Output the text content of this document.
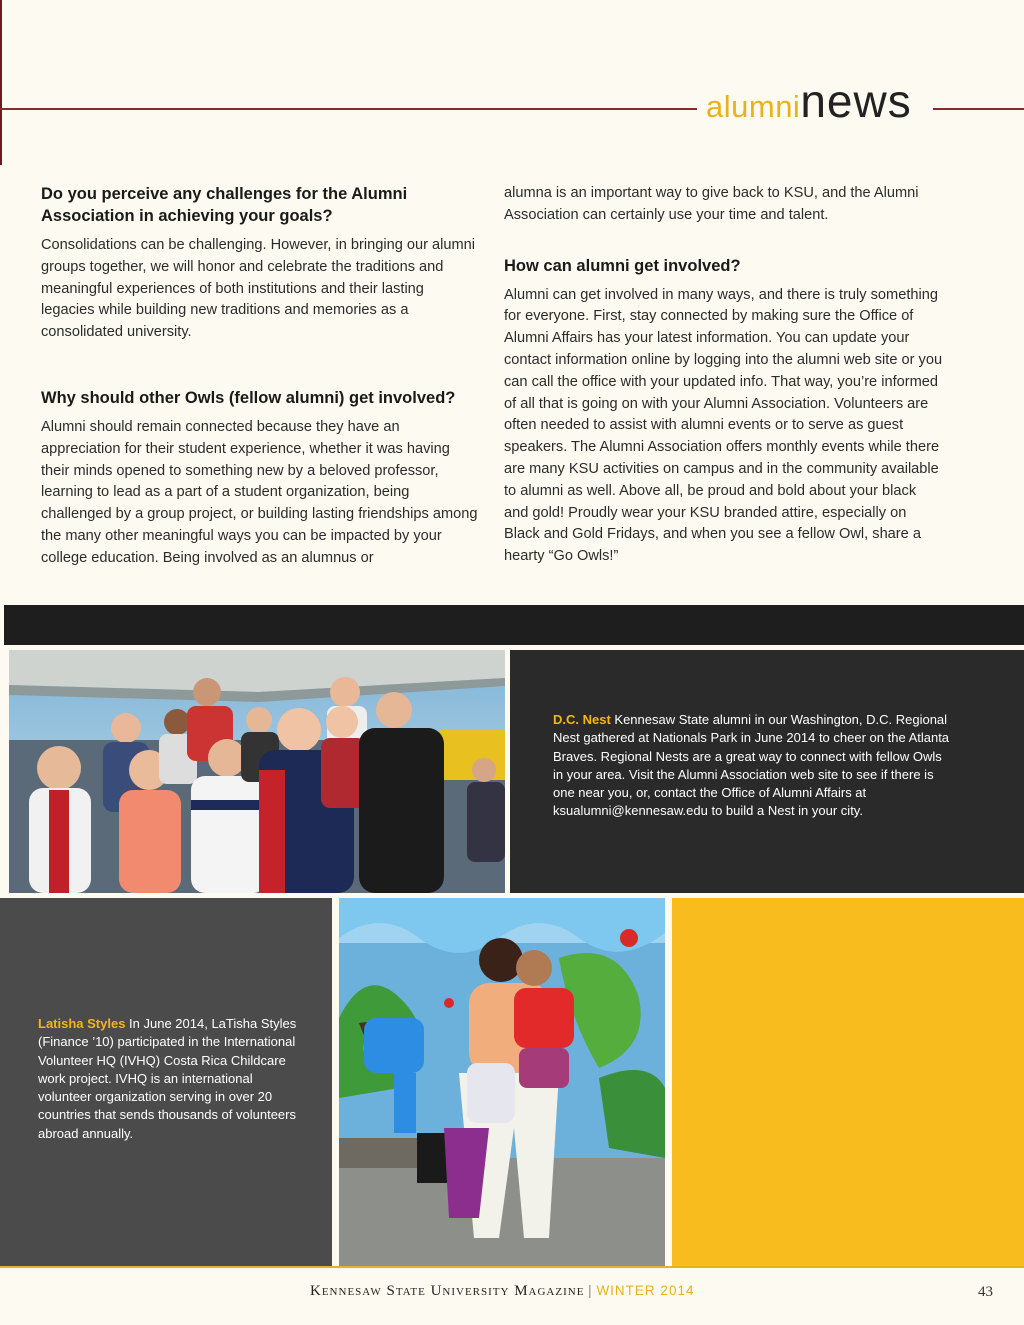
alumninews
Do you perceive any challenges for the Alumni Association in achieving your goals?

Consolidations can be challenging. However, in bringing our alumni groups together, we will honor and celebrate the traditions and meaningful experiences of both institutions and their lasting legacies while building new traditions and memories as a consolidated university.

Why should other Owls (fellow alumni) get involved?

Alumni should remain connected because they have an appreciation for their student experience, whether it was having their minds opened to something new by a beloved professor, learning to lead as a part of a student organization, being challenged by a group project, or building lasting friendships among the many other meaningful ways you can be impacted by your college education. Being involved as an alumnus or

alumna is an important way to give back to KSU, and the Alumni Association can certainly use your time and talent.

How can alumni get involved?

Alumni can get involved in many ways, and there is truly something for everyone. First, stay connected by making sure the Office of Alumni Affairs has your latest information. You can update your contact information online by logging into the alumni web site or you can call the office with your updated info. That way, you’re informed of all that is going on with your Alumni Association. Volunteers are often needed to assist with alumni events or to serve as guest speakers. The Alumni Association offers monthly events while there are many KSU activities on campus and in the community available to alumni as well. Above all, be proud and bold about your black and gold! Proudly wear your KSU branded attire, especially on Black and Gold Fridays, and when you see a fellow Owl, share a hearty “Go Owls!”

D.C. Nest Kennesaw State alumni in our Washington, D.C. Regional Nest gathered at Nationals Park in June 2014 to cheer on the Atlanta Braves. Regional Nests are a great way to connect with fellow Owls in your area. Visit the Alumni Association web site to see if there is one near you, or, contact the Office of Alumni Affairs at ksualumni@kennesaw.edu to build a Nest in your city.
Latisha Styles In June 2014, LaTisha Styles (Finance ’10) participated in the International Volunteer HQ (IVHQ) Costa Rica Childcare work project. IVHQ is an international volunteer organization serving in over 20 countries that sends thousands of volunteers abroad annually.
Kennesaw State University Magazine | WINTER 2014	43
